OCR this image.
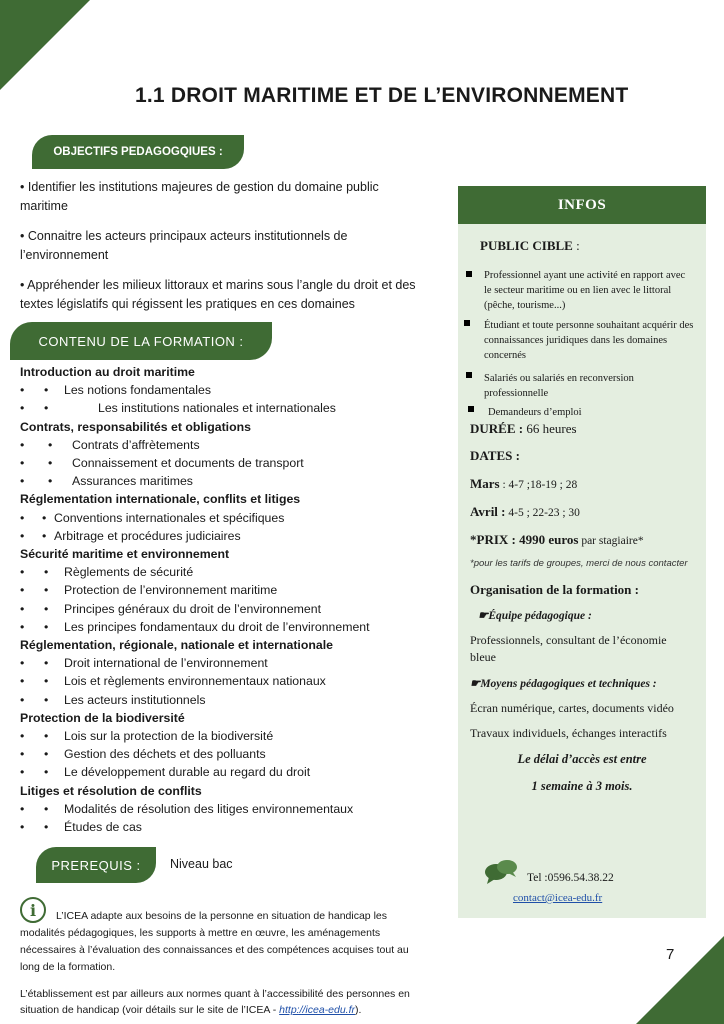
1.1 DROIT MARITIME ET DE L’ENVIRONNEMENT
OBJECTIFS PEDAGOGQIUES :

• Identifier les institutions majeures de gestion du domaine public maritime

• Connaitre les acteurs principaux acteurs institutionnels de l’environnement

• Appréhender les milieux littoraux et marins sous l’angle du droit et des textes législatifs qui régissent les pratiques en ces domaines

CONTENU DE LA FORMATION :
Introduction au droit maritime
• • Les notions fondamentales
• •	Les institutions nationales et internationales
Contrats, responsabilités et obligations
• • Contrats d’affrètements
• • Connaissement et documents de transport
• • Assurances maritimes
Réglementation internationale, conflits et litiges
• • Conventions internationales et spécifiques
• • Arbitrage et procédures judiciaires
Sécurité maritime et environnement
• • Règlements de sécurité
• • Protection de l’environnement maritime
• • Principes généraux du droit de l’environnement
• • Les principes fondamentaux du droit de l’environnement
Réglementation, régionale, nationale et internationale
• • Droit international de l’environnement
• • Lois et règlements environnementaux nationaux
• • Les acteurs institutionnels
Protection de la biodiversité
• • Lois sur la protection de la biodiversité
• • Gestion des déchets et des polluants
• • Le développement durable au regard du droit
Litiges et résolution de conflits
• • Modalités de résolution des litiges environnementaux
• • Études de cas
PREREQUIS :	Niveau bac
i	L’ICEA adapte aux besoins de la personne en situation de handicap les modalités pédagogiques, les supports à mettre en œuvre, les aménagements nécessaires à l’évaluation des connaissances et des compétences acquises tout au long de la formation.

L’établissement est par ailleurs aux normes quant à l’accessibilité des personnes en situation de handicap (voir détails sur le site de l’ICEA - http://icea-edu.fr).

7
INFOS
PUBLIC CIBLE :
Professionnel ayant une activité en rapport avec le secteur maritime ou en lien avec le littoral (pêche, tourisme...)
Étudiant et toute personne souhaitant acquérir des connaissances juridiques dans les domaines concernés
Salariés ou salariés en reconversion professionnelle
Demandeurs d’emploi
DURÉE : 66 heures
DATES :
Mars : 4-7 ;18-19 ; 28
Avril : 4-5 ; 22-23 ; 30
*PRIX : 4990 euros par stagiaire*
*pour les tarifs de groupes, merci de nous contacter
Organisation de la formation :
☛Équipe pédagogique :
Professionnels, consultant de l’économie bleue
☛Moyens pédagogiques et techniques :
Écran numérique, cartes, documents vidéo
Travaux individuels, échanges interactifs
Le délai d’accès est entre
1 semaine à 3 mois.
Tel :0596.54.38.22
contact@icea-edu.fr
